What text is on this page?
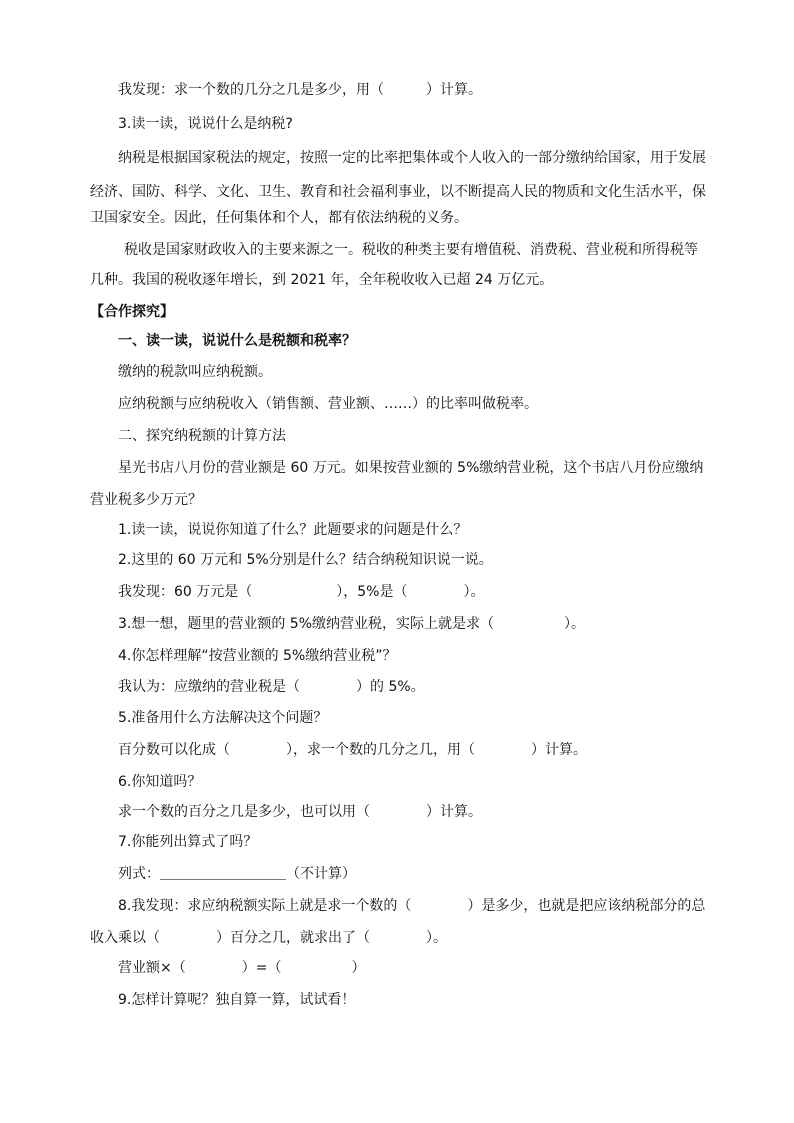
我发现：求一个数的几分之几是多少，用（　　　）计算。
3.读一读，说说什么是纳税?
纳税是根据国家税法的规定，按照一定的比率把集体或个人收入的一部分缴纳给国家，用于发展
经济、国防、科学、文化、卫生、教育和社会福利事业，以不断提高人民的物质和文化生活水平，保
卫国家安全。因此，任何集体和个人，都有依法纳税的义务。
税收是国家财政收入的主要来源之一。税收的种类主要有增值税、消费税、营业税和所得税等
几种。我国的税收逐年增长，到 2021 年，全年税收收入已超 24 万亿元。
【合作探究】
一、读一读，说说什么是税额和税率？
缴纳的税款叫应纳税额。
应纳税额与应纳税收入（销售额、营业额、……）的比率叫做税率。
二、探究纳税额的计算方法
星光书店八月份的营业额是 60 万元。如果按营业额的 5%缴纳营业税，这个书店八月份应缴纳
营业税多少万元？
1.读一读，说说你知道了什么？此题要求的问题是什么？
2.这里的 60 万元和 5%分别是什么？结合纳税知识说一说。
我发现：60 万元是（　　　　　　），5%是（　　　　）。
3.想一想，题里的营业额的 5%缴纳营业税，实际上就是求（　　　　　）。
4.你怎样理解“按营业额的 5%缴纳营业税”？
我认为：应缴纳的营业税是（　　　　）的 5%。
5.准备用什么方法解决这个问题？
百分数可以化成（　　　　），求一个数的几分之几，用（　　　　）计算。
6.你知道吗？
求一个数的百分之几是多少，也可以用（　　　　）计算。
7.你能列出算式了吗？
列式：＿＿＿＿＿＿＿＿＿（不计算）
8.我发现：求应纳税额实际上就是求一个数的（　　　　）是多少，也就是把应该纳税部分的总
收入乘以（　　　　）百分之几，就求出了（　　　　）。
营业额×（　　　　）=（　　　　　）
9.怎样计算呢？独自算一算，试试看！
